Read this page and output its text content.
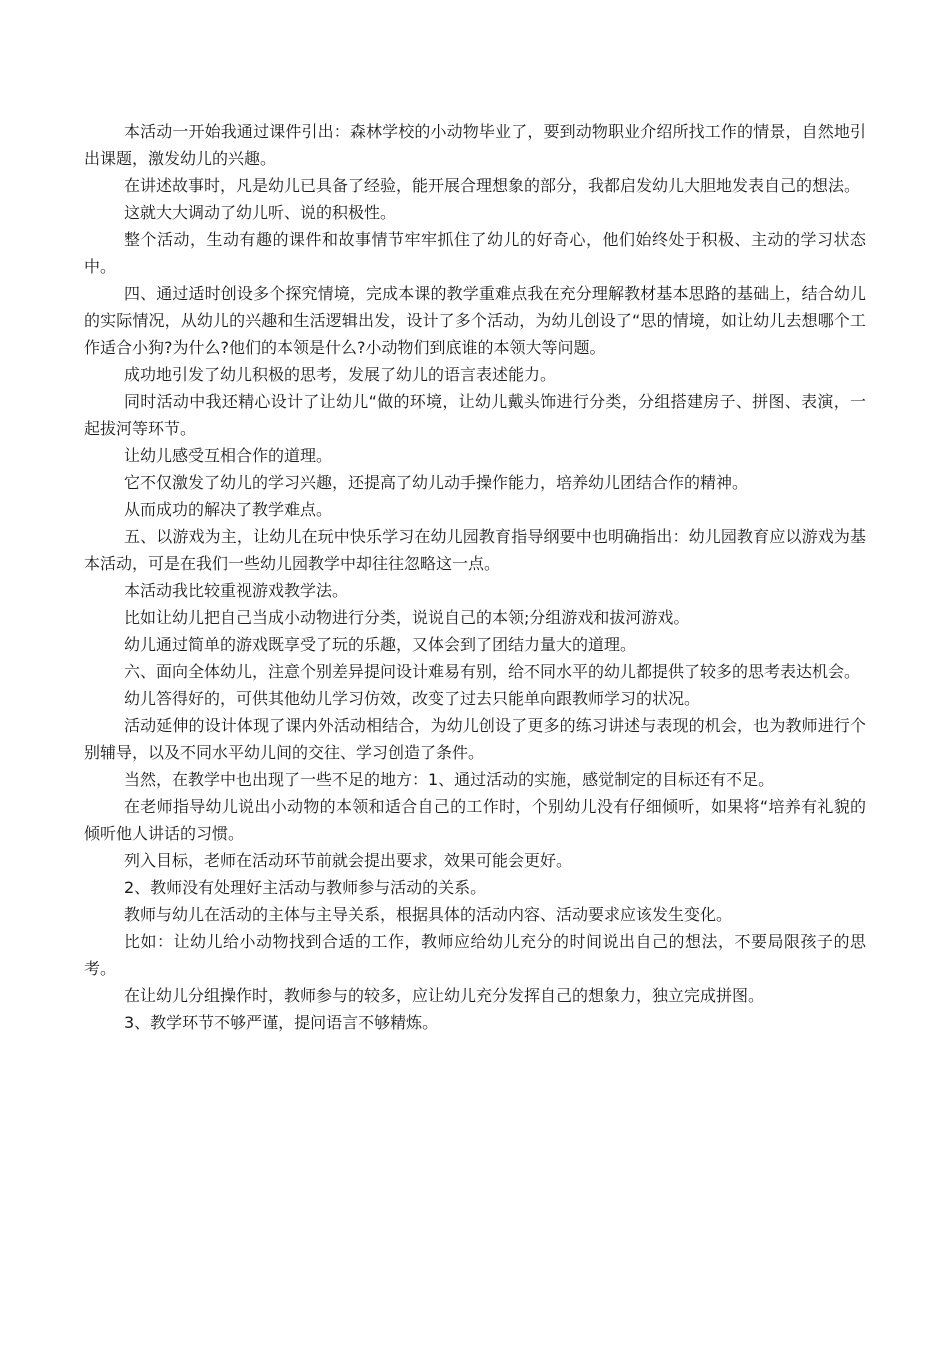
本活动一开始我通过课件引出：森林学校的小动物毕业了，要到动物职业介绍所找工作的情景，自然地引出课题，激发幼儿的兴趣。

在讲述故事时，凡是幼儿已具备了经验，能开展合理想象的部分，我都启发幼儿大胆地发表自己的想法。

这就大大调动了幼儿听、说的积极性。

整个活动，生动有趣的课件和故事情节牢牢抓住了幼儿的好奇心，他们始终处于积极、主动的学习状态中。

四、通过适时创设多个探究情境，完成本课的教学重难点我在充分理解教材基本思路的基础上，结合幼儿的实际情况，从幼儿的兴趣和生活逻辑出发，设计了多个活动，为幼儿创设了“思的情境，如让幼儿去想哪个工作适合小狗?为什么?他们的本领是什么?小动物们到底谁的本领大等问题。

成功地引发了幼儿积极的思考，发展了幼儿的语言表述能力。

同时活动中我还精心设计了让幼儿“做的环境，让幼儿戴头饰进行分类，分组搭建房子、拼图、表演，一起拔河等环节。

让幼儿感受互相合作的道理。

它不仅激发了幼儿的学习兴趣，还提高了幼儿动手操作能力，培养幼儿团结合作的精神。

从而成功的解决了教学难点。

五、以游戏为主，让幼儿在玩中快乐学习在幼儿园教育指导纲要中也明确指出：幼儿园教育应以游戏为基本活动，可是在我们一些幼儿园教学中却往往忽略这一点。

本活动我比较重视游戏教学法。

比如让幼儿把自己当成小动物进行分类，说说自己的本领;分组游戏和拔河游戏。

幼儿通过简单的游戏既享受了玩的乐趣，又体会到了团结力量大的道理。

六、面向全体幼儿，注意个别差异提问设计难易有别，给不同水平的幼儿都提供了较多的思考表达机会。

幼儿答得好的，可供其他幼儿学习仿效，改变了过去只能单向跟教师学习的状况。

活动延伸的设计体现了课内外活动相结合，为幼儿创设了更多的练习讲述与表现的机会，也为教师进行个别辅导，以及不同水平幼儿间的交往、学习创造了条件。

当然，在教学中也出现了一些不足的地方：1、通过活动的实施，感觉制定的目标还有不足。

在老师指导幼儿说出小动物的本领和适合自己的工作时，个别幼儿没有仔细倾听，如果将“培养有礼貌的倾听他人讲话的习惯。

列入目标，老师在活动环节前就会提出要求，效果可能会更好。

2、教师没有处理好主活动与教师参与活动的关系。

教师与幼儿在活动的主体与主导关系，根据具体的活动内容、活动要求应该发生变化。

比如：让幼儿给小动物找到合适的工作，教师应给幼儿充分的时间说出自己的想法，不要局限孩子的思考。

在让幼儿分组操作时，教师参与的较多，应让幼儿充分发挥自己的想象力，独立完成拼图。

3、教学环节不够严谨，提问语言不够精炼。
